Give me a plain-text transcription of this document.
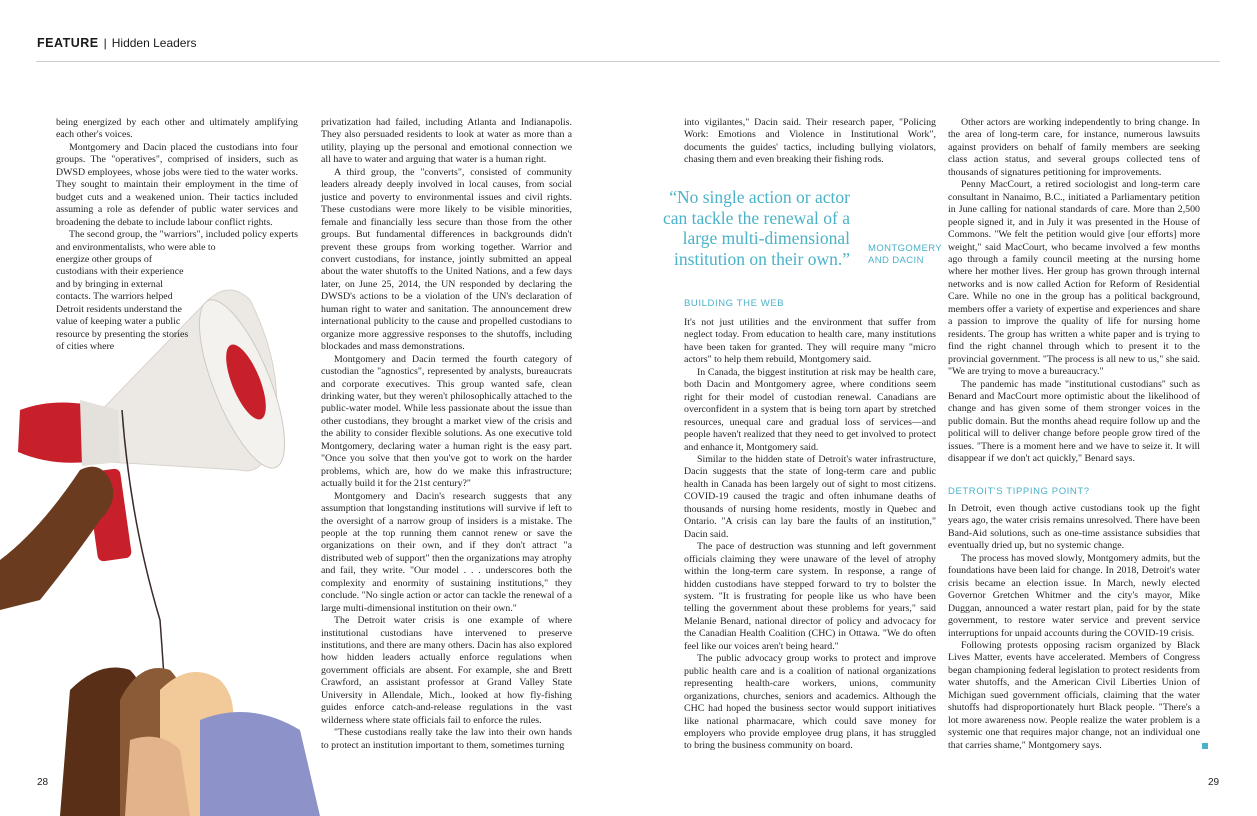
FEATURE | Hidden Leaders

being energized by each other and ultimately amplifying each other's voices.

Montgomery and Dacin placed the custodians into four groups. The "operatives", comprised of insiders, such as DWSD employees, whose jobs were tied to the water works. They sought to maintain their employment in the time of budget cuts and a weakened union. Their tactics included assuming a role as defender of public water services and broadening the debate to include labour conflict rights.

The second group, the "warriors", included policy experts and environmentalists, who were able to

energize other groups of custodians with their experience and by bringing in external contacts. The warriors helped Detroit residents understand the value of keeping water a public resource by presenting the stories of cities where

privatization had failed, including Atlanta and Indianapolis. They also persuaded residents to look at water as more than a utility, playing up the personal and emotional connection we all have to water and arguing that water is a human right.

A third group, the "converts", consisted of community leaders already deeply involved in local causes, from social justice and poverty to environmental issues and civil rights. These custodians were more likely to be visible minorities, female and financially less secure than those from the other groups. But fundamental differences in backgrounds didn't prevent these groups from working together. Warrior and convert custodians, for instance, jointly submitted an appeal about the water shutoffs to the United Nations, and a few days later, on June 25, 2014, the UN responded by declaring the DWSD's actions to be a violation of the UN's declaration of human right to water and sanitation. The announcement drew international publicity to the cause and propelled custodians to organize more aggressive responses to the shutoffs, including blockades and mass demonstrations.

Montgomery and Dacin termed the fourth category of custodian the "agnostics", represented by analysts, bureaucrats and corporate executives. This group wanted safe, clean drinking water, but they weren't philosophically attached to the public-water model. While less passionate about the issue than other custodians, they brought a market view of the crisis and the ability to consider flexible solutions. As one executive told Montgomery, declaring water a human right is the easy part. "Once you solve that then you've got to work on the harder problems, which are, how do we make this infrastructure; actually build it for the 21st century?"

Montgomery and Dacin's research suggests that any assumption that longstanding institutions will survive if left to the oversight of a narrow group of insiders is a mistake. The people at the top running them cannot renew or save the organizations on their own, and if they don't attract "a distributed web of support" then the organizations may atrophy and fail, they write. "Our model . . . underscores both the complexity and enormity of sustaining institutions," they conclude. "No single action or actor can tackle the renewal of a large multi-dimensional institution on their own."

The Detroit water crisis is one example of where institutional custodians have intervened to preserve institutions, and there are many others. Dacin has also explored how hidden leaders actually enforce regulations when government officials are absent. For example, she and Brett Crawford, an assistant professor at Grand Valley State University in Allendale, Mich., looked at how fly-fishing guides enforce catch-and-release regulations in the vast wilderness where state officials fail to enforce the rules.

"These custodians really take the law into their own hands to protect an institution important to them, sometimes turning

into vigilantes," Dacin said. Their research paper, "Policing Work: Emotions and Violence in Institutional Work", documents the guides' tactics, including bullying violators, chasing them and even breaking their fishing rods.

“No single action or actor can tackle the renewal of a large multi-dimensional institution on their own.” MONTGOMERY
AND DACIN
BUILDING THE WEB

It's not just utilities and the environment that suffer from neglect today. From education to health care, many institutions have been taken for granted. They will require many "micro actors" to help them rebuild, Montgomery said.

In Canada, the biggest institution at risk may be health care, both Dacin and Montgomery agree, where conditions seem right for their model of custodian renewal. Canadians are overconfident in a system that is being torn apart by stretched resources, unequal care and gradual loss of services—and people haven't realized that they need to get involved to protect and enhance it, Montgomery said.

Similar to the hidden state of Detroit's water infrastructure, Dacin suggests that the state of long-term care and public health in Canada has been largely out of sight to most citizens. COVID-19 caused the tragic and often inhumane deaths of thousands of nursing home residents, mostly in Quebec and Ontario. "A crisis can lay bare the faults of an institution," Dacin said.

The pace of destruction was stunning and left government officials claiming they were unaware of the level of atrophy within the long-term care system. In response, a range of hidden custodians have stepped forward to try to bolster the system. "It is frustrating for people like us who have been telling the government about these problems for years," said Melanie Benard, national director of policy and advocacy for the Canadian Health Coalition (CHC) in Ottawa. "We do often feel like our voices aren't being heard."

The public advocacy group works to protect and improve public health care and is a coalition of national organizations representing health-care workers, unions, community organizations, churches, seniors and academics. Although the CHC had hoped the business sector would support initiatives like national pharmacare, which could save money for employers who provide employee drug plans, it has struggled to bring the business community on board.

Other actors are working independently to bring change. In the area of long-term care, for instance, numerous lawsuits against providers on behalf of family members are seeking class action status, and several groups collected tens of thousands of signatures petitioning for improvements.

Penny MacCourt, a retired sociologist and long-term care consultant in Nanaimo, B.C., initiated a Parliamentary petition in June calling for national standards of care. More than 2,500 people signed it, and in July it was presented in the House of Commons. "We felt the petition would give [our efforts] more weight," said MacCourt, who became involved a few months ago through a family council meeting at the nursing home where her mother lives. Her group has grown through internal networks and is now called Action for Reform of Residential Care. While no one in the group has a political background, members offer a variety of expertise and experiences and share a passion to improve the quality of life for nursing home residents. The group has written a white paper and is trying to find the right channel through which to present it to the provincial government. "The process is all new to us," she said. "We are trying to move a bureaucracy."

The pandemic has made "institutional custodians" such as Benard and MacCourt more optimistic about the likelihood of change and has given some of them stronger voices in the public domain. But the months ahead require follow up and the political will to deliver change before people grow tired of the issues. "There is a moment here and we have to seize it. It will disappear if we don't act quickly," Benard says.

DETROIT'S TIPPING POINT?

In Detroit, even though active custodians took up the fight years ago, the water crisis remains unresolved. There have been Band-Aid solutions, such as one-time assistance subsidies that eventually dried up, but no systemic change.

The process has moved slowly, Montgomery admits, but the foundations have been laid for change. In 2018, Detroit's water crisis became an election issue. In March, newly elected Governor Gretchen Whitmer and the city's mayor, Mike Duggan, announced a water restart plan, paid for by the state government, to restore water service and prevent service interruptions for unpaid accounts during the COVID-19 crisis.

Following protests opposing racism organized by Black Lives Matter, events have accelerated. Members of Congress began championing federal legislation to protect residents from water shutoffs, and the American Civil Liberties Union of Michigan sued government officials, claiming that the water shutoffs had disproportionately hurt Black people. "There's a lot more awareness now. People realize the water problem is a systemic one that requires major change, not an individual one that carries shame," Montgomery says.

28	29
